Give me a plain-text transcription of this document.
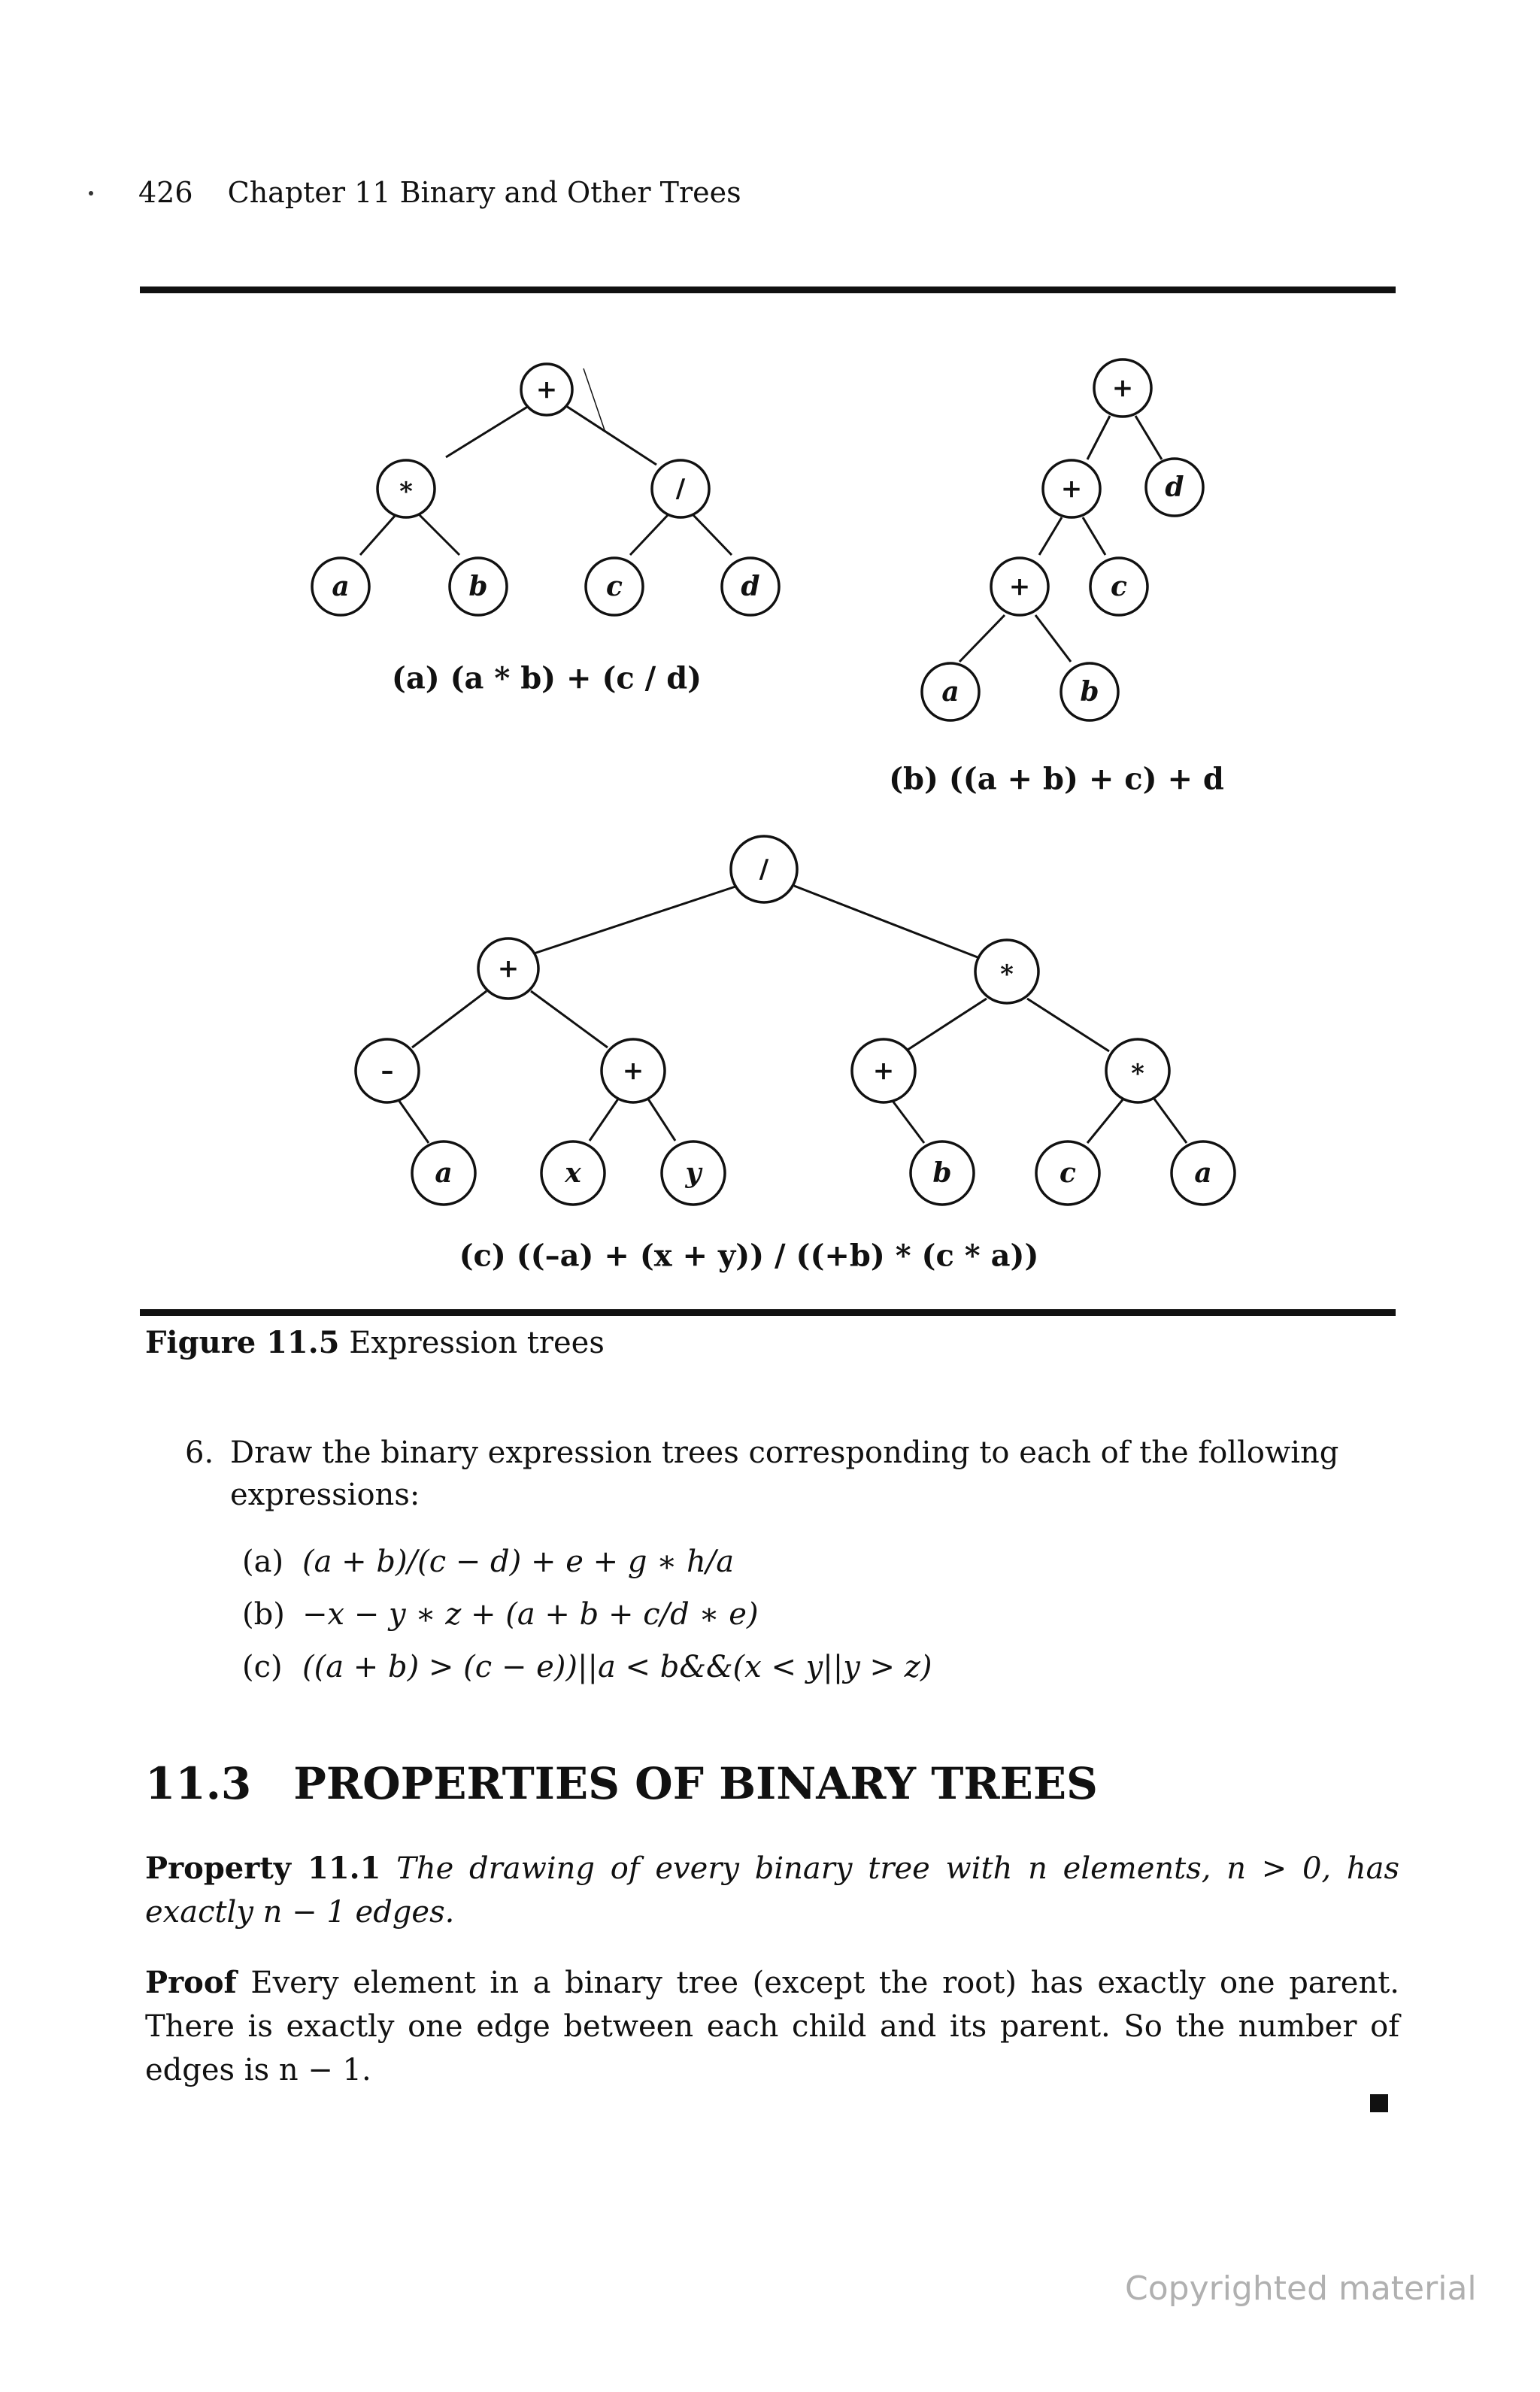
426 Chapter 11 Binary and Other Trees
+
*	/
a	b	c	d
(a) (a * b) + (c / d)
+
+	d
+	c
a	b
(b) ((a + b) + c) + d
/
+	*
–	+	+	*
a	x	y	b	c	a
(c) ((–a) + (x + y)) / ((+b) * (c * a))
Figure 11.5 Expression trees
6. Draw the binary expression trees corresponding to each of the following expressions:
(a) (a + b)/(c − d) + e + g ∗ h/a
(b) −x − y ∗ z + (a + b + c/d ∗ e)
(c) ((a + b) > (c − e))||a < b&&(x < y||y > z)
11.3 PROPERTIES OF BINARY TREES
Property 11.1 The drawing of every binary tree with n elements, n > 0, has exactly n − 1 edges.
Proof Every element in a binary tree (except the root) has exactly one parent. There is exactly one edge between each child and its parent. So the number of edges is n − 1.
Copyrighted material
